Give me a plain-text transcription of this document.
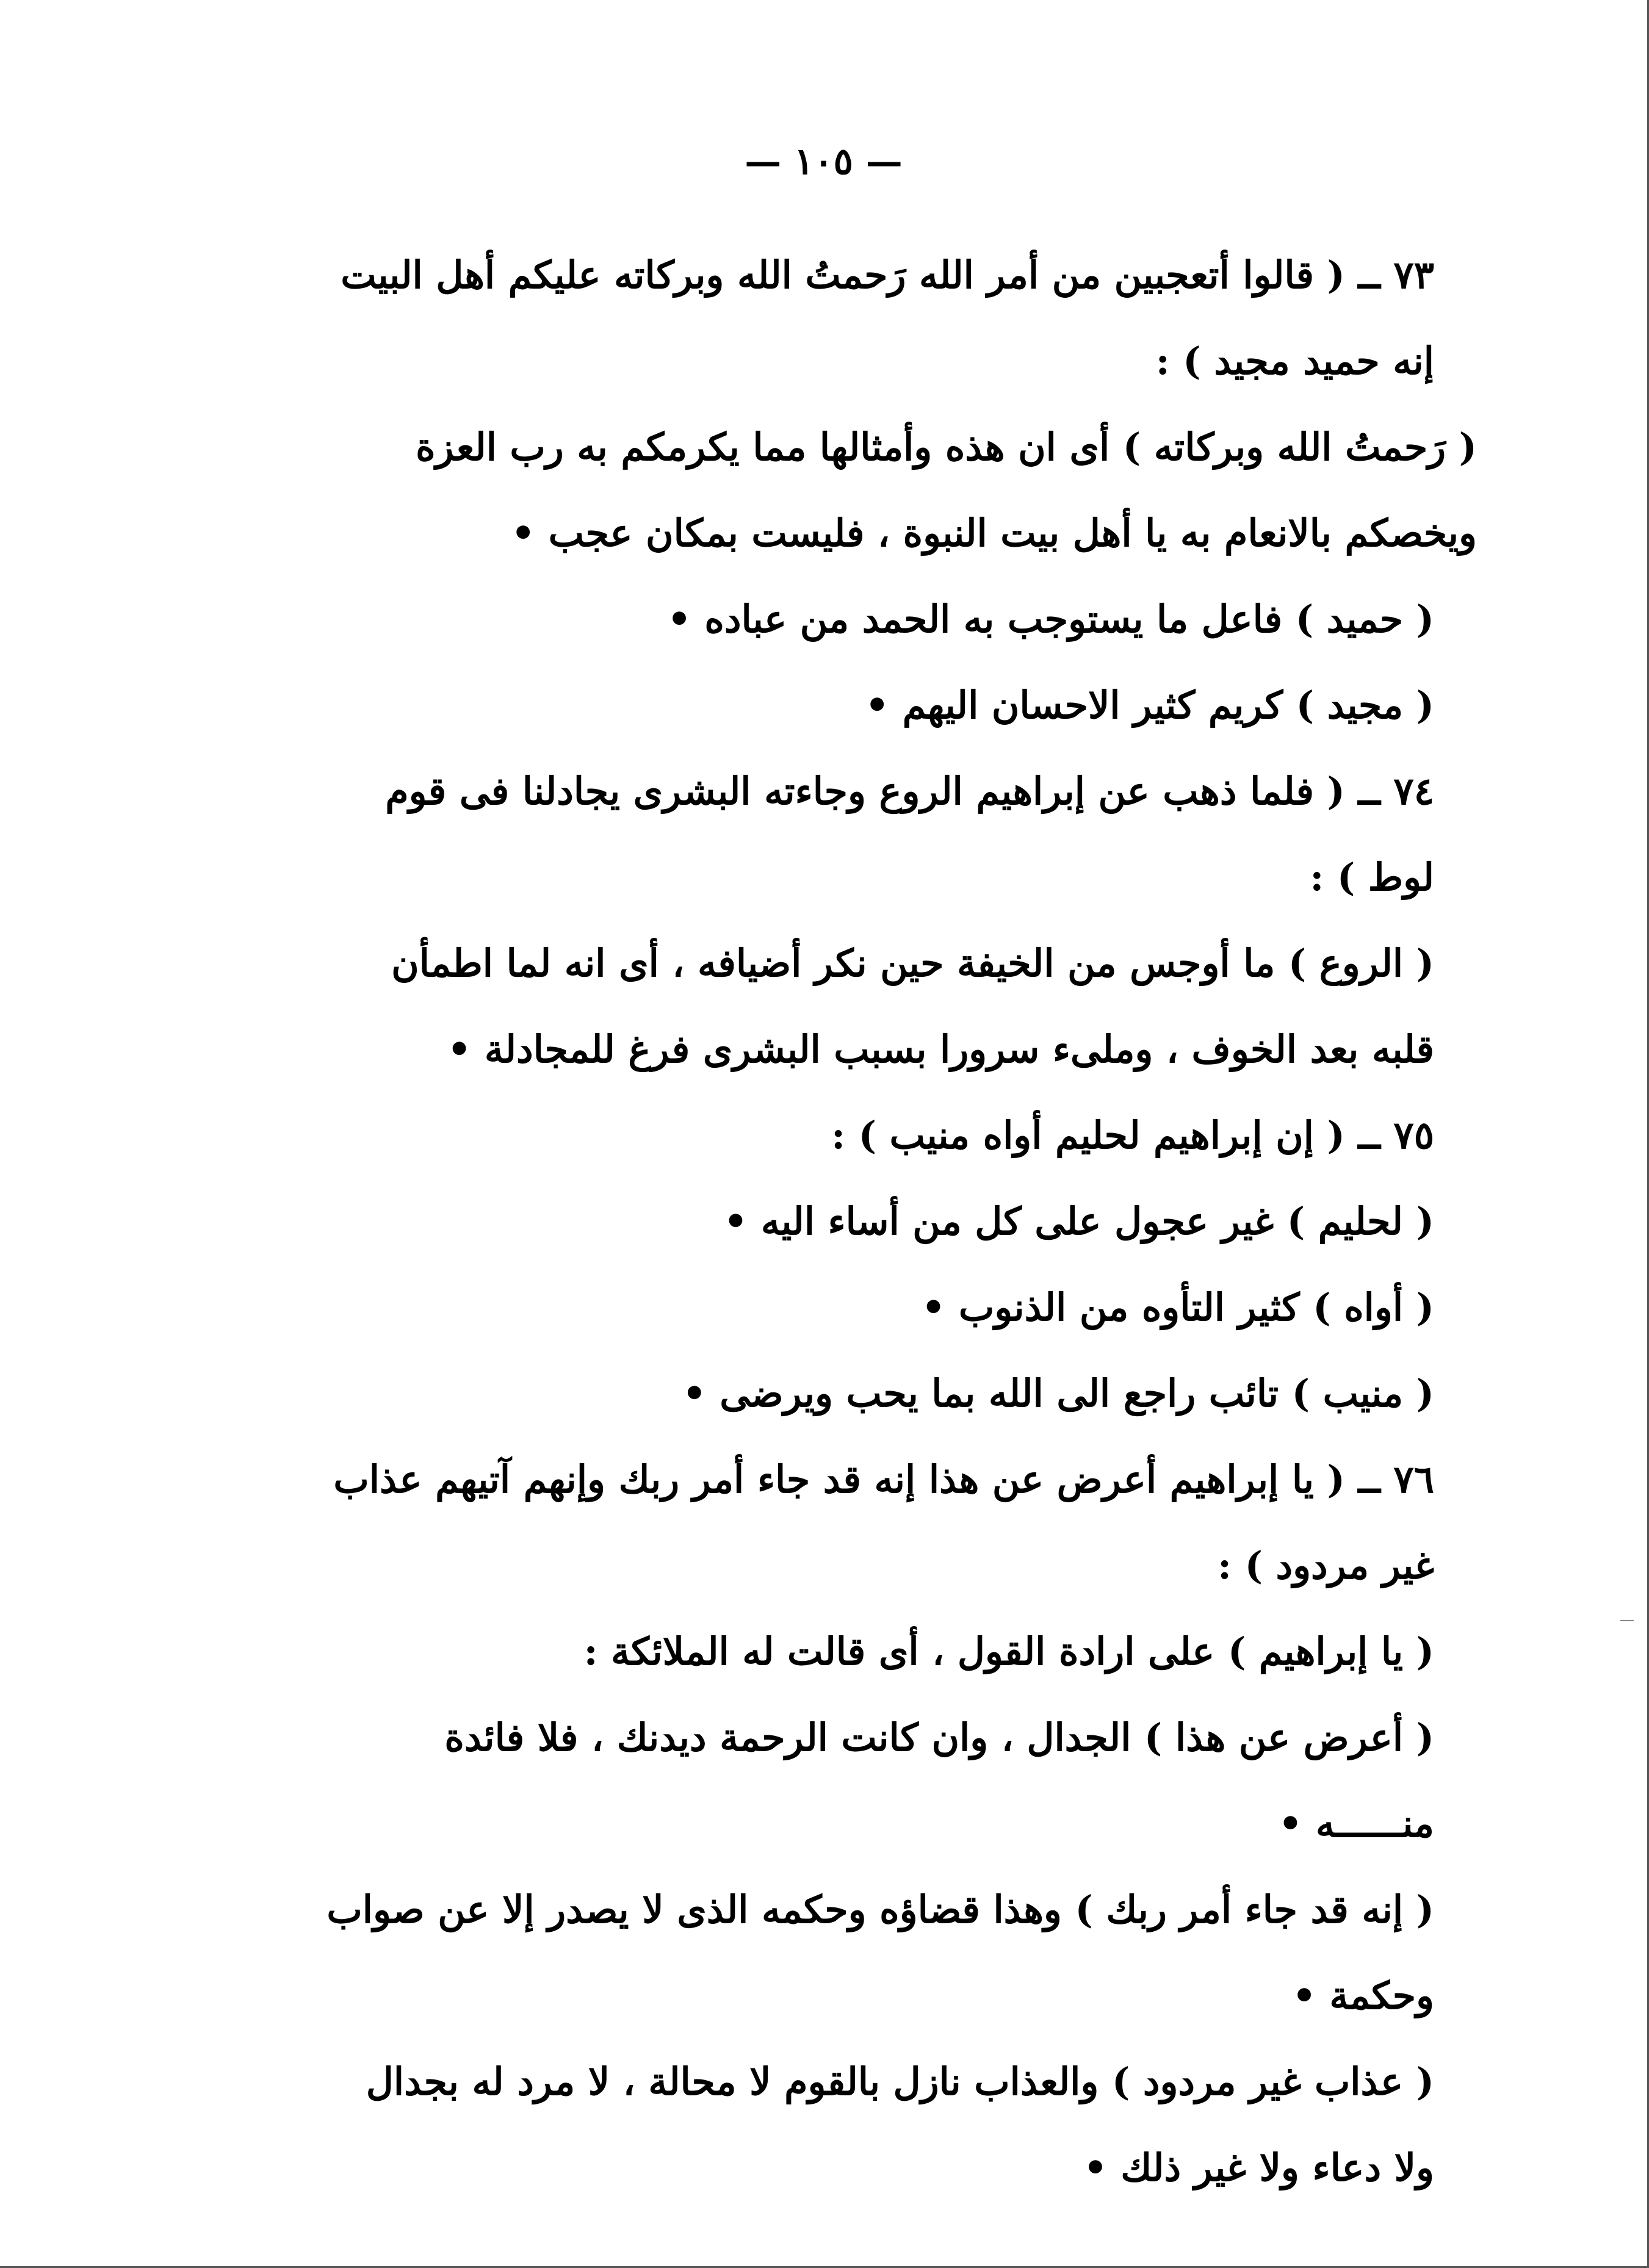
— ١٠٥ —

٧٣ ــ ( قالوا أتعجبين من أمر الله رَحمتُ الله وبركاته عليكم أهل البيت إنه حميد مجيد ) :

( رَحمتُ الله وبركاته ) أى ان هذه وأمثالها مما يكرمكم به رب العزة ويخصكم بالانعام به يا أهل بيت النبوة ، فليست بمكان عجب •

( حميد ) فاعل ما يستوجب به الحمد من عباده •

( مجيد ) كريم كثير الاحسان اليهم •

٧٤ ــ ( فلما ذهب عن إبراهيم الروع وجاءته البشرى يجادلنا فى قوم لوط ) :

( الروع ) ما أوجس من الخيفة حين نكر أضيافه ، أى انه لما اطمأن قلبه بعد الخوف ، وملىء سرورا بسبب البشرى فرغ للمجادلة •

٧٥ ــ ( إن إبراهيم لحليم أواه منيب ) :

( لحليم ) غير عجول على كل من أساء اليه •

( أواه ) كثير التأوه من الذنوب •

( منيب ) تائب راجع الى الله بما يحب ويرضى •

٧٦ ــ ( يا إبراهيم أعرض عن هذا إنه قد جاء أمر ربك وإنهم آتيهم عذاب غير مردود ) :

( يا إبراهيم ) على ارادة القول ، أى قالت له الملائكة :

( أعرض عن هذا ) الجدال ، وان كانت الرحمة ديدنك ، فلا فائدة منــــــه •

( إنه قد جاء أمر ربك ) وهذا قضاؤه وحكمه الذى لا يصدر إلا عن صواب وحكمة •

( عذاب غير مردود ) والعذاب نازل بالقوم لا محالة ، لا مرد له بجدال ولا دعاء ولا غير ذلك •
